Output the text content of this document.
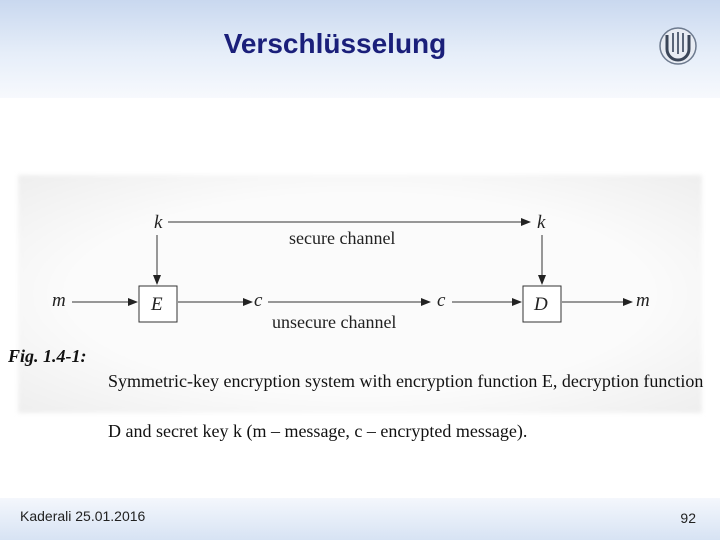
Verschlüsselung
k	k
secure channel
E	D
m	c
unsecure channel
c	m
Fig. 1.4-1:

Symmetric-key encryption system with encryption function E, decryption function

D and secret key k (m – message, c – encrypted message).

Kaderali 25.01.2016	92
